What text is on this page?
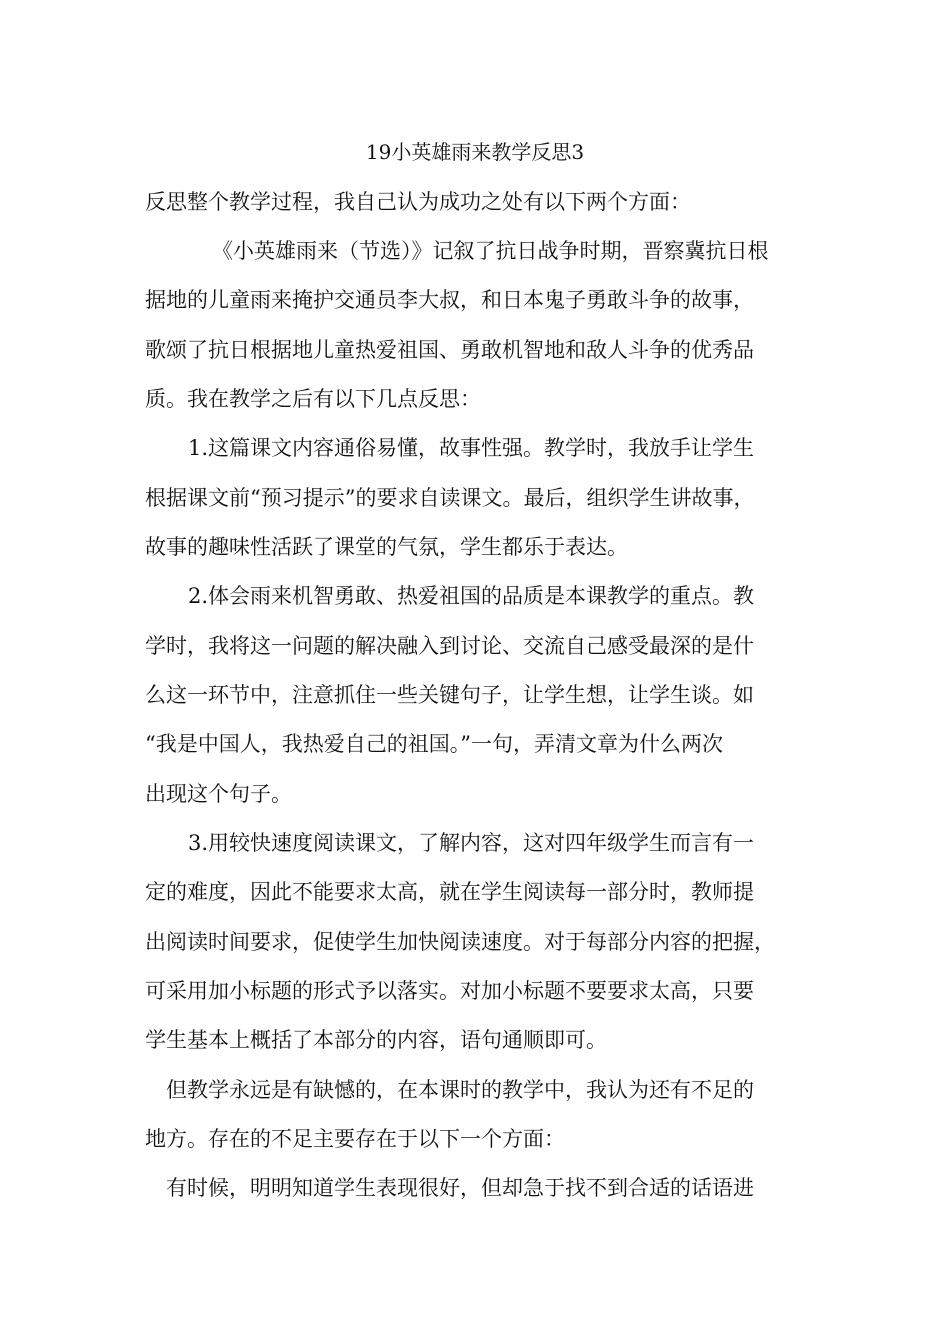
19小英雄雨来教学反思3
反思整个教学过程，我自己认为成功之处有以下两个方面：
《小英雄雨来（节选）》记叙了抗日战争时期，晋察冀抗日根
据地的儿童雨来掩护交通员李大叔，和日本鬼子勇敢斗争的故事，
歌颂了抗日根据地儿童热爱祖国、勇敢机智地和敌人斗争的优秀品
质。我在教学之后有以下几点反思：
1.这篇课文内容通俗易懂，故事性强。教学时，我放手让学生
根据课文前“预习提示”的要求自读课文。最后，组织学生讲故事，
故事的趣味性活跃了课堂的气氛，学生都乐于表达。
2.体会雨来机智勇敢、热爱祖国的品质是本课教学的重点。教
学时，我将这一问题的解决融入到讨论、交流自己感受最深的是什
么这一环节中，注意抓住一些关键句子，让学生想，让学生谈。如
“我是中国人，我热爱自己的祖国。”一句，弄清文章为什么两次
出现这个句子。
3.用较快速度阅读课文，了解内容，这对四年级学生而言有一
定的难度，因此不能要求太高，就在学生阅读每一部分时，教师提
出阅读时间要求，促使学生加快阅读速度。对于每部分内容的把握，
可采用加小标题的形式予以落实。对加小标题不要要求太高，只要
学生基本上概括了本部分的内容，语句通顺即可。
但教学永远是有缺憾的，在本课时的教学中，我认为还有不足的
地方。存在的不足主要存在于以下一个方面：
有时候，明明知道学生表现很好，但却急于找不到合适的话语进
